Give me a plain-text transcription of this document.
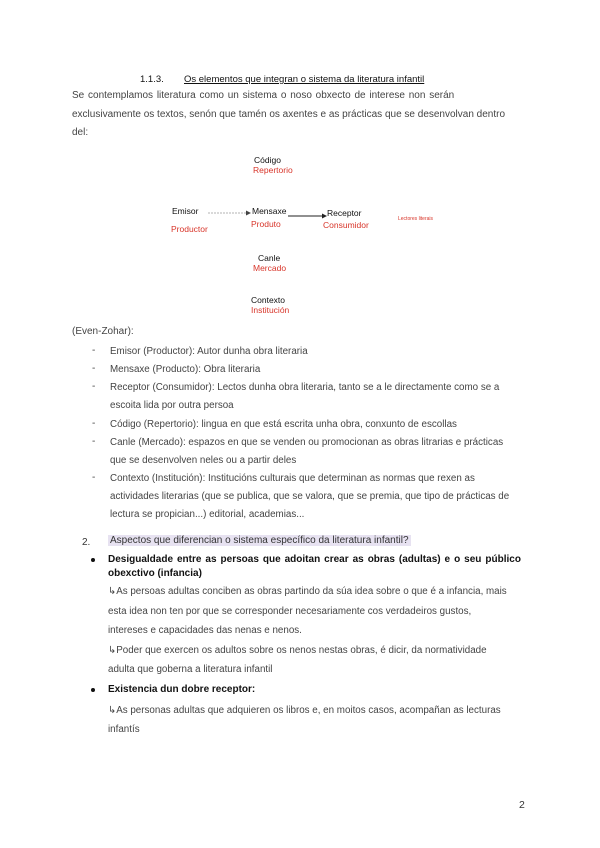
1.1.3. Os elementos que integran o sistema da literatura infantil
Se contemplamos literatura como un sistema o noso obxecto de interese non serán
exclusivamente os textos, senón que tamén os axentes e as prácticas que se desenvolvan dentro
del:
Código
Repertorio
Emisor
Productor
Mensaxe
Produto
Receptor
Consumidor
Lectores literais
Canle
Mercado
Contexto
Institución
(Even-Zohar):
- Emisor (Productor): Autor dunha obra literaria
- Mensaxe (Producto): Obra literaria
- Receptor (Consumidor): Lectos dunha obra literaria, tanto se a le directamente como se a
escoita lida por outra persoa
- Código (Repertorio): lingua en que está escrita unha obra, conxunto de escollas
- Canle (Mercado): espazos en que se venden ou promocionan as obras litrarias e prácticas
que se desenvolven neles ou a partir deles
- Contexto (Institución): Institucións culturais que determinan as normas que rexen as
actividades literarias (que se publica, que se valora, que se premia, que tipo de prácticas de
lectura se propician...) editorial, academias...
2. Aspectos que diferencian o sistema específico da literatura infantil?
Desigualdade entre as persoas que adoitan crear as obras (adultas) e o seu público
obexctivo (infancia)
↳As persoas adultas conciben as obras partindo da súa idea sobre o que é a infancia, mais
esta idea non ten por que se corresponder necesariamente cos verdadeiros gustos,
intereses e capacidades das nenas e nenos.
↳Poder que exercen os adultos sobre os nenos nestas obras, é dicir, da normatividade
adulta que goberna a literatura infantil
Existencia dun dobre receptor:
↳As personas adultas que adquieren os libros e, en moitos casos, acompañan as lecturas
infantís
2
